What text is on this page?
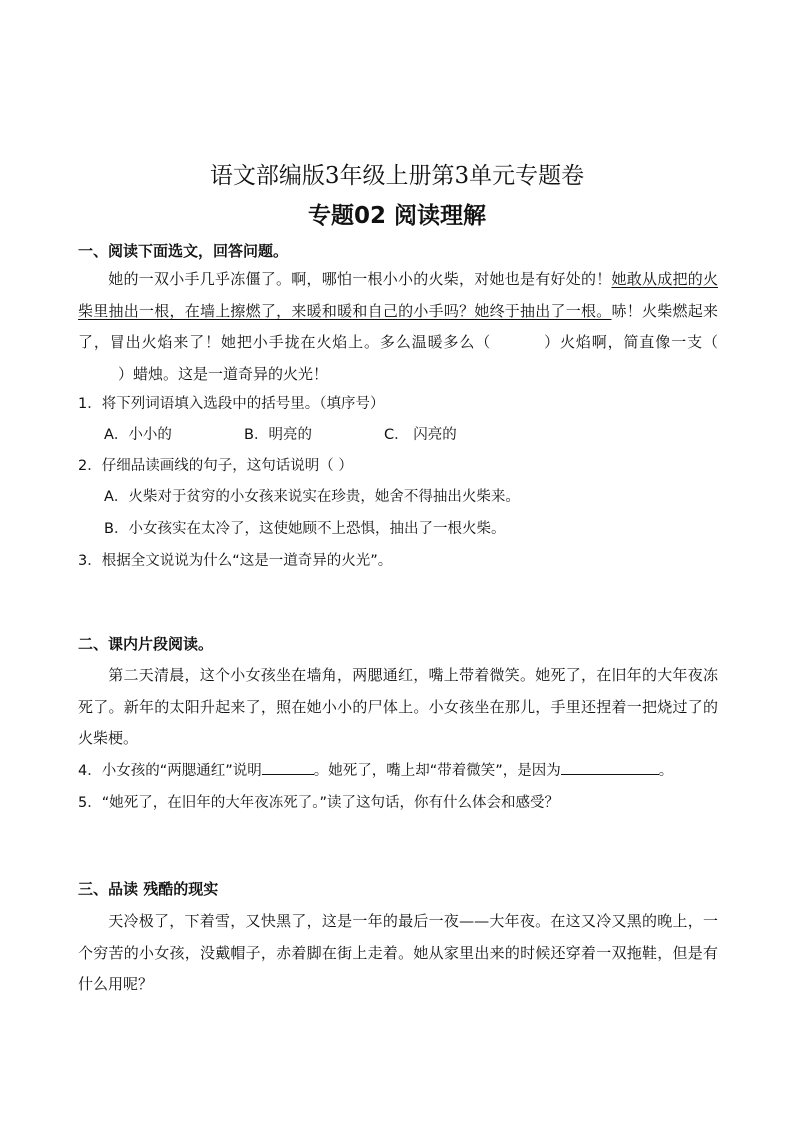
语文部编版3年级上册第3单元专题卷
专题02 阅读理解
一、阅读下面选文，回答问题。
她的一双小手几乎冻僵了。啊，哪怕一根小小的火柴，对她也是有好处的！她敢从成把的火柴里抽出一根，在墙上擦燃了，来暖和暖和自己的小手吗？她终于抽出了一根。哧！火柴燃起来了，冒出火焰来了！她把小手拢在火焰上。多么温暖多么（	）火焰啊，简直像一支（）蜡烛。这是一道奇异的火光！
1．将下列词语填入选段中的括号里。（填序号）
A．小小的	B．明亮的	C． 闪亮的
2．仔细品读画线的句子，这句话说明（ ）
A．火柴对于贫穷的小女孩来说实在珍贵，她舍不得抽出火柴来。
B．小女孩实在太冷了，这使她顾不上恐惧，抽出了一根火柴。
3．根据全文说说为什么“这是一道奇异的火光”。
二、课内片段阅读。
第二天清晨，这个小女孩坐在墙角，两腮通红，嘴上带着微笑。她死了，在旧年的大年夜冻死了。新年的太阳升起来了，照在她小小的尸体上。小女孩坐在那儿，手里还捏着一把烧过了的火柴梗。
4．小女孩的“两腮通红”说明	。她死了，嘴上却“带着微笑”，是因为	。
5．“她死了，在旧年的大年夜冻死了。”读了这句话，你有什么体会和感受？
三、品读 残酷的现实
天冷极了，下着雪，又快黑了，这是一年的最后一夜——大年夜。在这又冷又黑的晚上，一个穷苦的小女孩，没戴帽子，赤着脚在街上走着。她从家里出来的时候还穿着一双拖鞋，但是有什么用呢？
